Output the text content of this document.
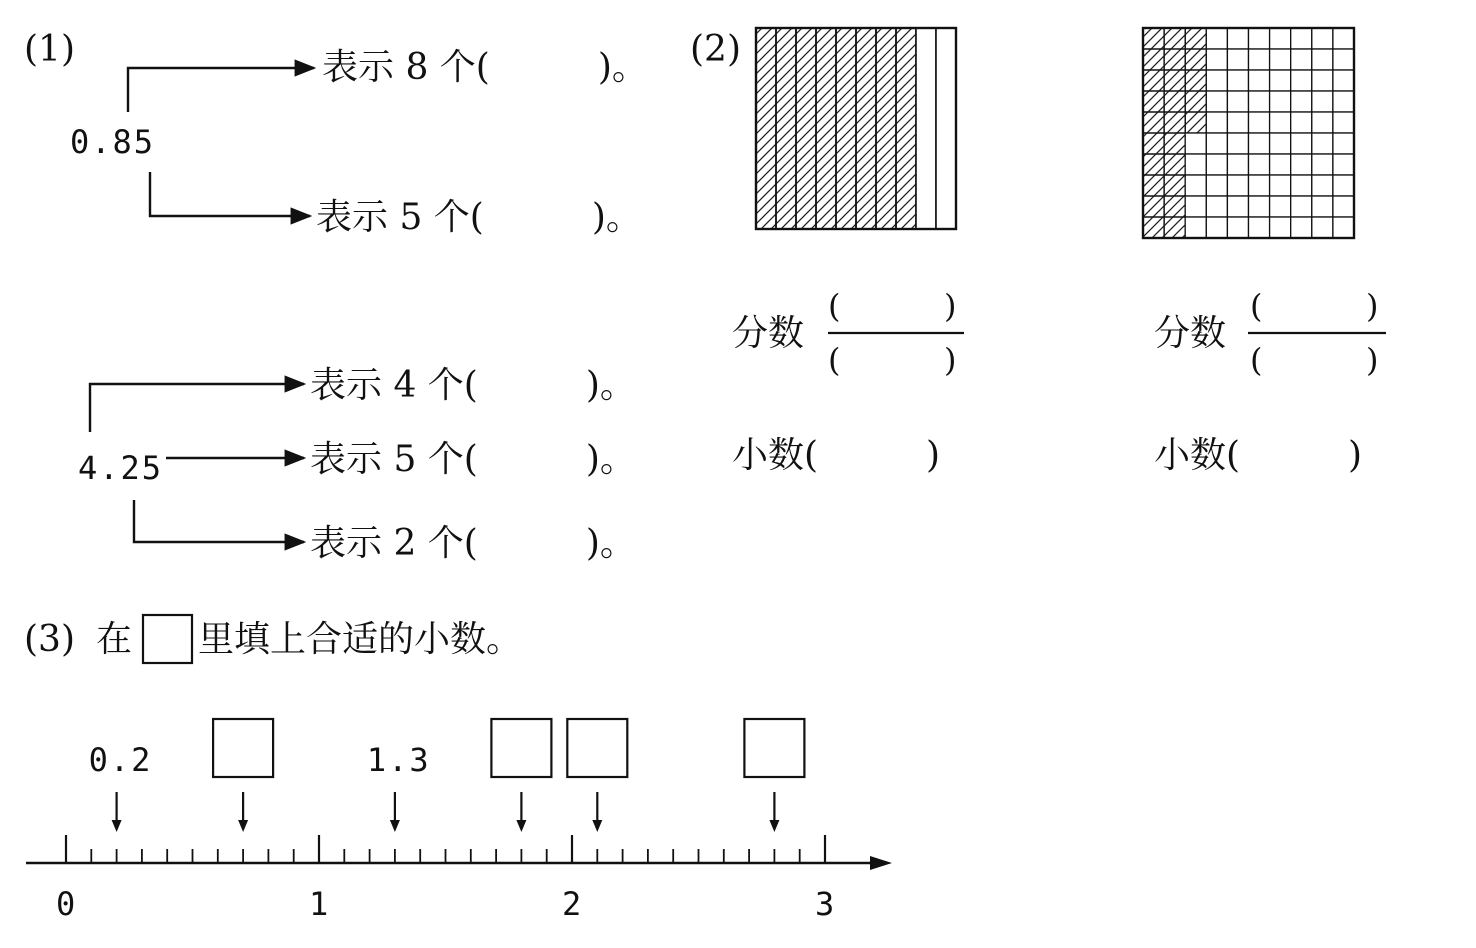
(1)
0.85
表示 8 个(　　　)。
表示 5 个(　　　)。
4.25
表示 4 个(　　　)。
表示 5 个(　　　)。
表示 2 个(　　　)。
(2)
分数
(	)
(	)
小数(　　　)
分数
(	)
(	)
小数(　　　)
(3) 在 里填上合适的小数。
0	1	2	3
0.2	1.3
